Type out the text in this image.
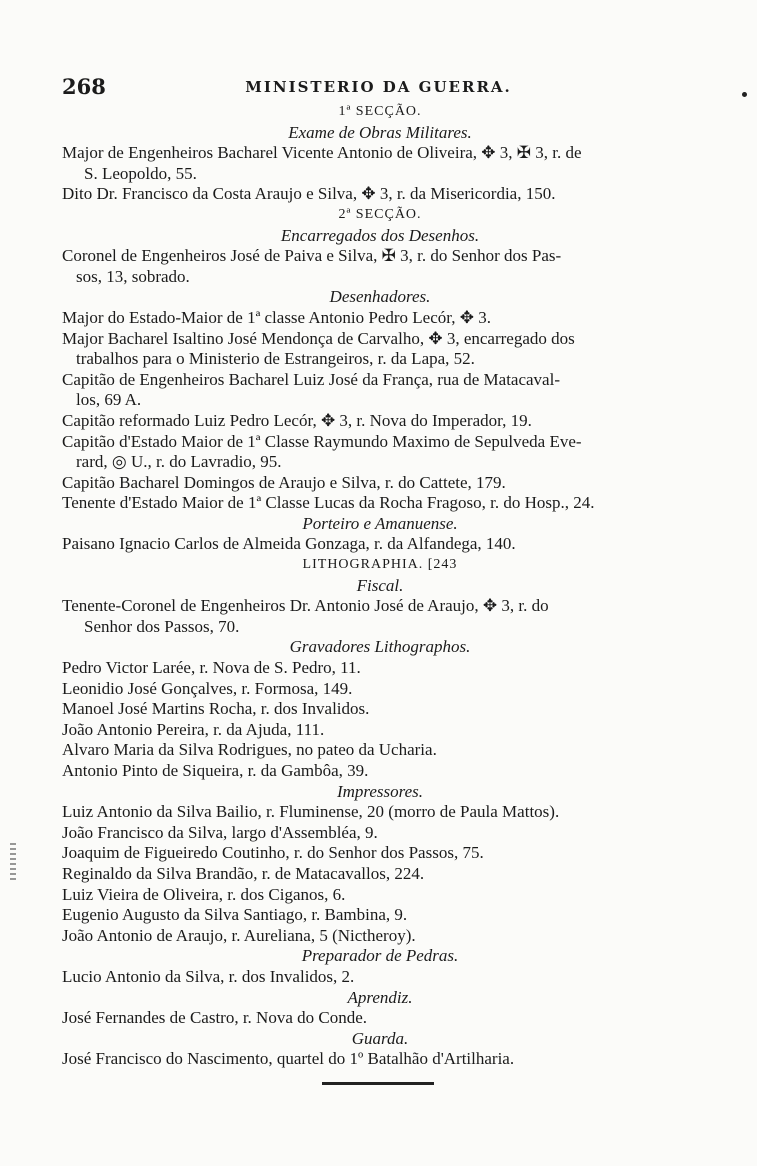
268	MINISTERIO DA GUERRA.
1ª SECÇÃO.
Exame de Obras Militares.
Major de Engenheiros Bacharel Vicente Antonio de Oliveira, ✥ 3, ✠ 3, r. de
S. Leopoldo, 55.
Dito Dr. Francisco da Costa Araujo e Silva, ✥ 3, r. da Misericordia, 150.
2ª SECÇÃO.
Encarregados dos Desenhos.
Coronel de Engenheiros José de Paiva e Silva, ✠ 3, r. do Senhor dos Pas-
sos, 13, sobrado.
Desenhadores.
Major do Estado-Maior de 1ª classe Antonio Pedro Lecór, ✥ 3.
Major Bacharel Isaltino José Mendonça de Carvalho, ✥ 3, encarregado dos
trabalhos para o Ministerio de Estrangeiros, r. da Lapa, 52.
Capitão de Engenheiros Bacharel Luiz José da França, rua de Matacaval-
los, 69 A.
Capitão reformado Luiz Pedro Lecór, ✥ 3, r. Nova do Imperador, 19.
Capitão d'Estado Maior de 1ª Classe Raymundo Maximo de Sepulveda Eve-
rard, ◎ U., r. do Lavradio, 95.
Capitão Bacharel Domingos de Araujo e Silva, r. do Cattete, 179.
Tenente d'Estado Maior de 1ª Classe Lucas da Rocha Fragoso, r. do Hosp., 24.
Porteiro e Amanuense.
Paisano Ignacio Carlos de Almeida Gonzaga, r. da Alfandega, 140.
LITHOGRAPHIA. [243
Fiscal.
Tenente-Coronel de Engenheiros Dr. Antonio José de Araujo, ✥ 3, r. do
Senhor dos Passos, 70.
Gravadores Lithographos.
Pedro Victor Larée, r. Nova de S. Pedro, 11.
Leonidio José Gonçalves, r. Formosa, 149.
Manoel José Martins Rocha, r. dos Invalidos.
João Antonio Pereira, r. da Ajuda, 111.
Alvaro Maria da Silva Rodrigues, no pateo da Ucharia.
Antonio Pinto de Siqueira, r. da Gambôa, 39.
Impressores.
Luiz Antonio da Silva Bailio, r. Fluminense, 20 (morro de Paula Mattos).
João Francisco da Silva, largo d'Assembléa, 9.
Joaquim de Figueiredo Coutinho, r. do Senhor dos Passos, 75.
Reginaldo da Silva Brandão, r. de Matacavallos, 224.
Luiz Vieira de Oliveira, r. dos Ciganos, 6.
Eugenio Augusto da Silva Santiago, r. Bambina, 9.
João Antonio de Araujo, r. Aureliana, 5 (Nictheroy).
Preparador de Pedras.
Lucio Antonio da Silva, r. dos Invalidos, 2.
Aprendiz.
José Fernandes de Castro, r. Nova do Conde.
Guarda.
José Francisco do Nascimento, quartel do 1º Batalhão d'Artilharia.
